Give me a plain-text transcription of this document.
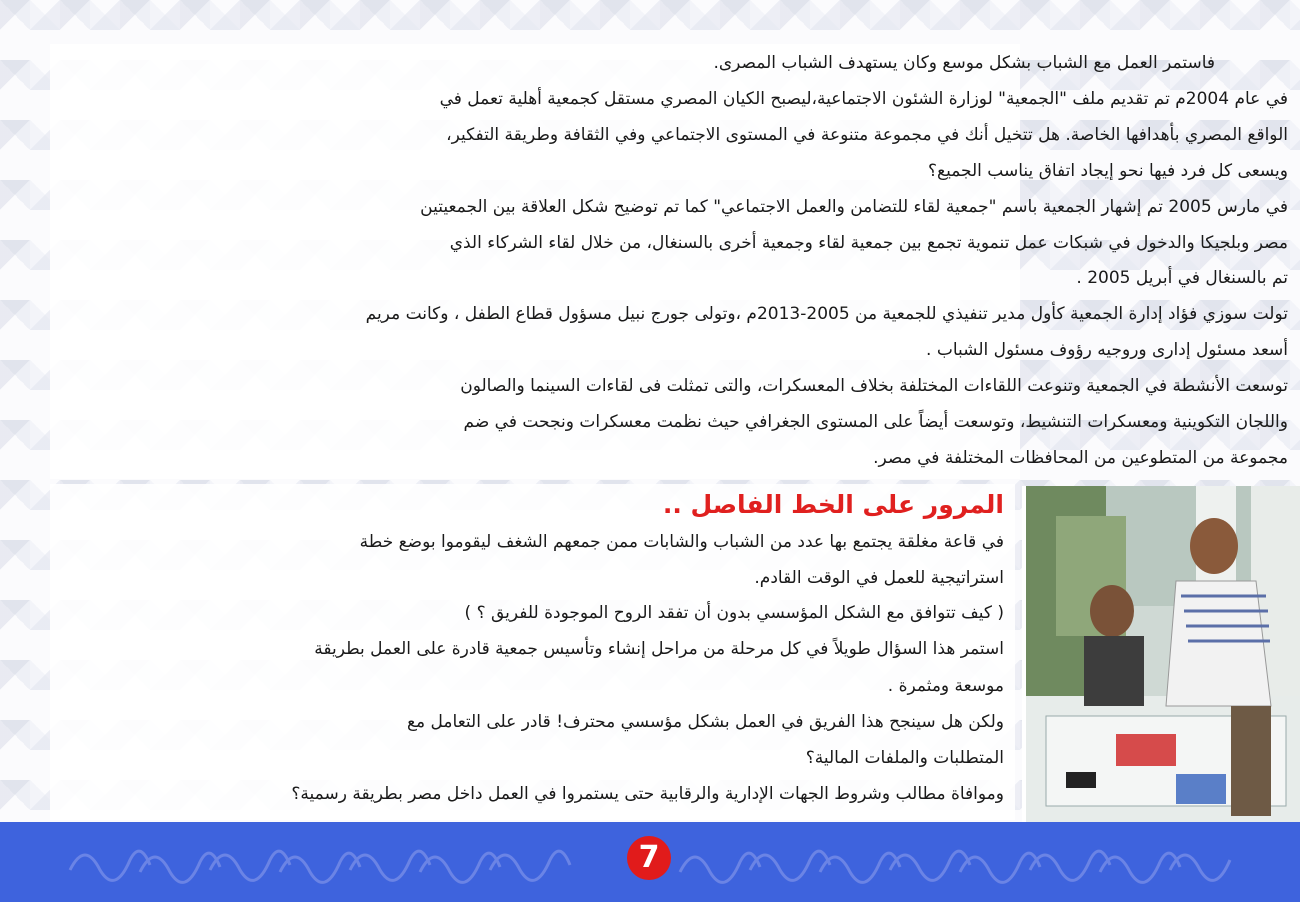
فاستمر العمل مع الشباب بشكل موسع وكان يستهدف الشباب المصرى.
في عام 2004م تم تقديم ملف "الجمعية" لوزارة الشئون الاجتماعية،ليصبح الكيان المصري مستقل كجمعية أهلية تعمل في
الواقع المصري بأهدافها الخاصة. هل تتخيل أنك في مجموعة متنوعة في المستوى الاجتماعي وفي الثقافة وطريقة التفكير،
ويسعى كل فرد فيها نحو إيجاد اتفاق يناسب الجميع؟
في مارس 2005 تم إشهار الجمعية باسم "جمعية لقاء للتضامن والعمل الاجتماعي" كما تم توضيح شكل العلاقة بين الجمعيتين
مصر وبلجيكا والدخول في شبكات عمل تنموية تجمع بين جمعية لقاء وجمعية أخرى بالسنغال، من خلال لقاء الشركاء الذي
تم بالسنغال في أبريل 2005 .
تولت سوزي فؤاد إدارة الجمعية كأول مدير تنفيذي للجمعية من 2005-2013م ،وتولى جورج نبيل مسؤول قطاع الطفل ، وكانت مريم
أسعد مسئول إدارى وروجيه رؤوف مسئول الشباب .
توسعت الأنشطة في الجمعية وتنوعت اللقاءات المختلفة بخلاف المعسكرات، والتى تمثلت فى لقاءات السينما والصالون
واللجان التكوينية ومعسكرات التنشيط، وتوسعت أيضاً على المستوى الجغرافي حيث نظمت معسكرات ونجحت في ضم
مجموعة من المتطوعين من المحافظات المختلفة في مصر.
المرور على الخط الفاصل ..
في قاعة مغلقة يجتمع بها عدد من الشباب والشابات ممن جمعهم الشغف ليقوموا بوضع خطة
استراتيجية للعمل في الوقت القادم.
( كيف تتوافق مع الشكل المؤسسي بدون أن تفقد الروح الموجودة للفريق ؟ )
استمر هذا السؤال طويلاً في كل مرحلة من مراحل إنشاء وتأسيس جمعية قادرة على العمل بطريقة
موسعة ومثمرة .
ولكن هل سينجح هذا الفريق في العمل بشكل مؤسسي محترف! قادر على التعامل مع
المتطلبات والملفات المالية؟
وموافاة مطالب وشروط الجهات الإدارية والرقابية حتى يستمروا في العمل داخل مصر بطريقة رسمية؟
7
